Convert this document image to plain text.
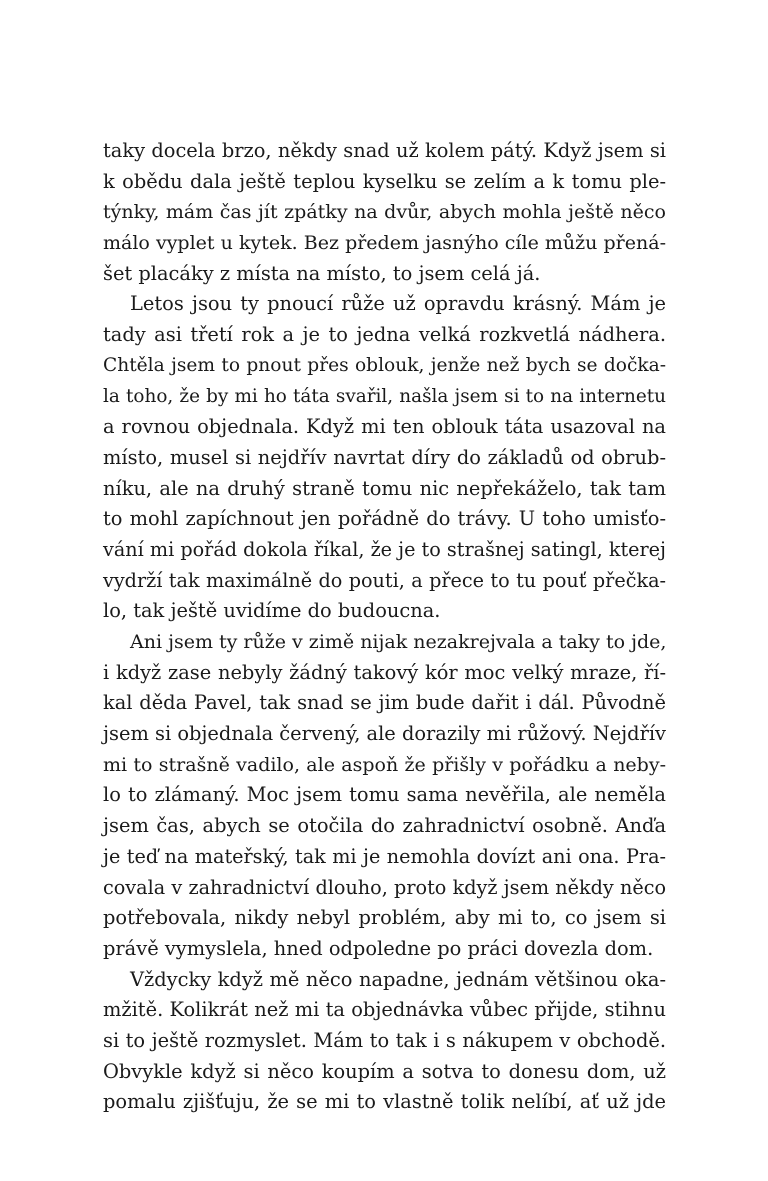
taky docela brzo, někdy snad už kolem pátý. Když jsem si
k obědu dala ještě teplou kyselku se zelím a k tomu ple-
týnky, mám čas jít zpátky na dvůr, abych mohla ještě něco
málo vyplet u kytek. Bez předem jasnýho cíle můžu přená-
šet placáky z místa na místo, to jsem celá já.
Letos jsou ty pnoucí růže už opravdu krásný. Mám je
tady asi třetí rok a je to jedna velká rozkvetlá nádhera.
Chtěla jsem to pnout přes oblouk, jenže než bych se dočka-
la toho, že by mi ho táta svařil, našla jsem si to na internetu
a rovnou objednala. Když mi ten oblouk táta usazoval na
místo, musel si nejdřív navrtat díry do základů od obrub-
níku, ale na druhý straně tomu nic nepřekáželo, tak tam
to mohl zapíchnout jen pořádně do trávy. U toho umisťo-
vání mi pořád dokola říkal, že je to strašnej satingl, kterej
vydrží tak maximálně do pouti, a přece to tu pouť přečka-
lo, tak ještě uvidíme do budoucna.
Ani jsem ty růže v zimě nijak nezakrejvala a taky to jde,
i když zase nebyly žádný takový kór moc velký mraze, ří-
kal děda Pavel, tak snad se jim bude dařit i dál. Původně
jsem si objednala červený, ale dorazily mi růžový. Nejdřív
mi to strašně vadilo, ale aspoň že přišly v pořádku a neby-
lo to zlámaný. Moc jsem tomu sama nevěřila, ale neměla
jsem čas, abych se otočila do zahradnictví osobně. Anďa
je teď na mateřský, tak mi je nemohla dovízt ani ona. Pra-
covala v zahradnictví dlouho, proto když jsem někdy něco
potřebovala, nikdy nebyl problém, aby mi to, co jsem si
právě vymyslela, hned odpoledne po práci dovezla dom.
Vždycky když mě něco napadne, jednám většinou oka-
mžitě. Kolikrát než mi ta objednávka vůbec přijde, stihnu
si to ještě rozmyslet. Mám to tak i s nákupem v obchodě.
Obvykle když si něco koupím a sotva to donesu dom, už
pomalu zjišťuju, že se mi to vlastně tolik nelíbí, ať už jde
